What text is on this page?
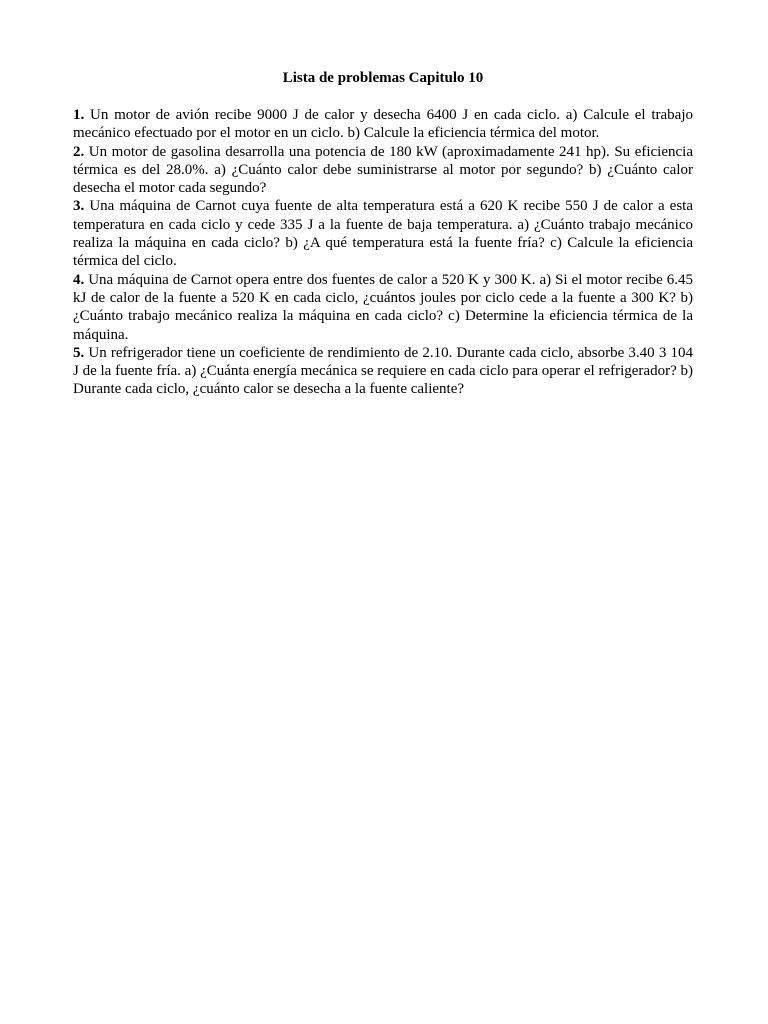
Lista de problemas Capitulo 10

1. Un motor de avión recibe 9000 J de calor y desecha 6400 J en cada ciclo. a) Calcule el trabajo mecánico efectuado por el motor en un ciclo. b) Calcule la eficiencia térmica del motor.

2. Un motor de gasolina desarrolla una potencia de 180 kW (aproximadamente 241 hp). Su eficiencia térmica es del 28.0%. a) ¿Cuánto calor debe suministrarse al motor por segundo? b) ¿Cuánto calor desecha el motor cada segundo?

3. Una máquina de Carnot cuya fuente de alta temperatura está a 620 K recibe 550 J de calor a esta temperatura en cada ciclo y cede 335 J a la fuente de baja temperatura. a) ¿Cuánto trabajo mecánico realiza la máquina en cada ciclo? b) ¿A qué temperatura está la fuente fría? c) Calcule la eficiencia térmica del ciclo.

4. Una máquina de Carnot opera entre dos fuentes de calor a 520 K y 300 K. a) Si el motor recibe 6.45 kJ de calor de la fuente a 520 K en cada ciclo, ¿cuántos joules por ciclo cede a la fuente a 300 K? b) ¿Cuánto trabajo mecánico realiza la máquina en cada ciclo? c) Determine la eficiencia térmica de la máquina.

5. Un refrigerador tiene un coeficiente de rendimiento de 2.10. Durante cada ciclo, absorbe 3.40 3 104 J de la fuente fría. a) ¿Cuánta energía mecánica se requiere en cada ciclo para operar el refrigerador? b) Durante cada ciclo, ¿cuánto calor se desecha a la fuente caliente?
